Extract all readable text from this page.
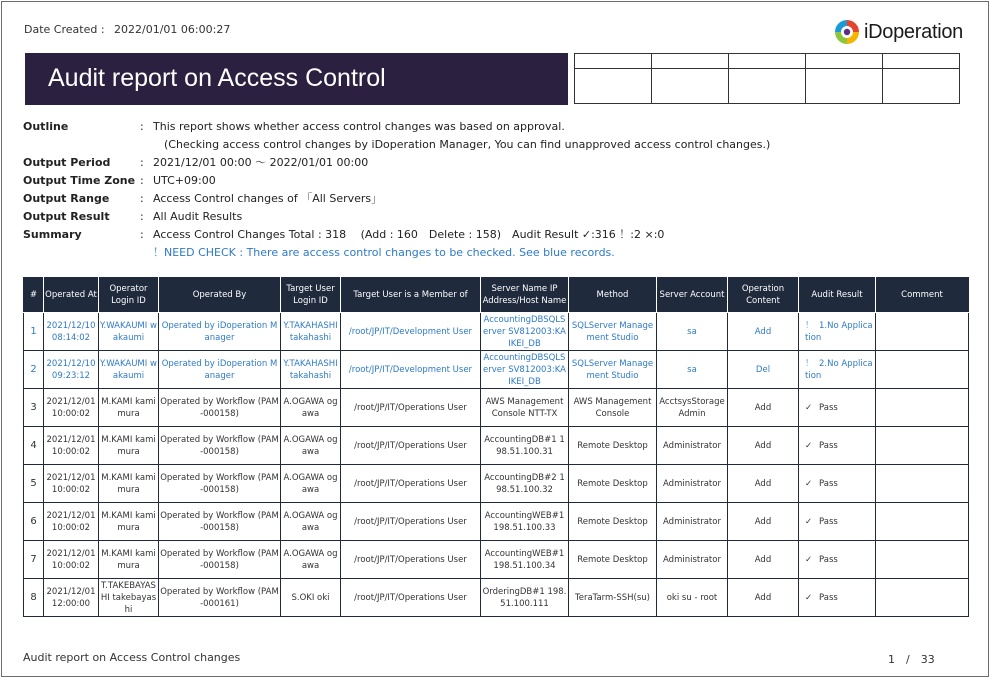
Date Created : 2022/01/01 06:00:27	iDoperation
Audit report on Access Control

Outline	: This report shows whether access control changes was based on approval.
(Checking access control changes by iDoperation Manager, You can find unapproved access control changes.)
Output Period	: 2021/12/01 00:00 ～ 2022/01/01 00:00
Output Time Zone : UTC+09:00
Output Range	: Access Control changes of 「All Servers」
Output Result	: All Audit Results
Summary	: Access Control Changes Total : 318　 (Add : 160　Delete : 158)　Audit Result ✓:316 ！:2 ×:0
！NEED CHECK : There are access control changes to be checked. See blue records.
#	Operated At	Operator Login ID	Operated By	Target User Login ID	Target User is a Member of	Server Name IP Address/Host Name	Method	Server Account	Operation Content	Audit Result	Comment
1	2021/12/10 08:14:02	Y.WAKAUMI wakaumi	Operated by iDoperation Manager	Y.TAKAHASHI takahashi	/root/JP/IT/Development User	AccountingDBSQLServer SV812003:KAIKEI_DB	SQLServer Management Studio	sa	Add	！ 1.No Application	
2	2021/12/10 09:23:12	Y.WAKAUMI wakaumi	Operated by iDoperation Manager	Y.TAKAHASHI takahashi	/root/JP/IT/Development User	AccountingDBSQLServer SV812003:KAIKEI_DB	SQLServer Management Studio	sa	Del	！ 2.No Application	
3	2021/12/01 10:00:02	M.KAMI kamimura	Operated by Workflow (PAM-000158)	A.OGAWA ogawa	/root/JP/IT/Operations User	AWS Management Console NTT-TX	AWS Management Console	AcctsysStorageAdmin	Add	✓ Pass	
4	2021/12/01 10:00:02	M.KAMI kamimura	Operated by Workflow (PAM-000158)	A.OGAWA ogawa	/root/JP/IT/Operations User	AccountingDB#1 198.51.100.31	Remote Desktop	Administrator	Add	✓ Pass	
5	2021/12/01 10:00:02	M.KAMI kamimura	Operated by Workflow (PAM-000158)	A.OGAWA ogawa	/root/JP/IT/Operations User	AccountingDB#2 198.51.100.32	Remote Desktop	Administrator	Add	✓ Pass	
6	2021/12/01 10:00:02	M.KAMI kamimura	Operated by Workflow (PAM-000158)	A.OGAWA ogawa	/root/JP/IT/Operations User	AccountingWEB#1 198.51.100.33	Remote Desktop	Administrator	Add	✓ Pass	
7	2021/12/01 10:00:02	M.KAMI kamimura	Operated by Workflow (PAM-000158)	A.OGAWA ogawa	/root/JP/IT/Operations User	AccountingWEB#1 198.51.100.34	Remote Desktop	Administrator	Add	✓ Pass	
8	2021/12/01 12:00:00	T.TAKEBAYASHI takebayashi	Operated by Workflow (PAM-000161)	S.OKI oki	/root/JP/IT/Operations User	OrderingDB#1 198.51.100.111	TeraTarm-SSH(su)	oki su - root	Add	✓ Pass	
Audit report on Access Control changes	1　/　33
